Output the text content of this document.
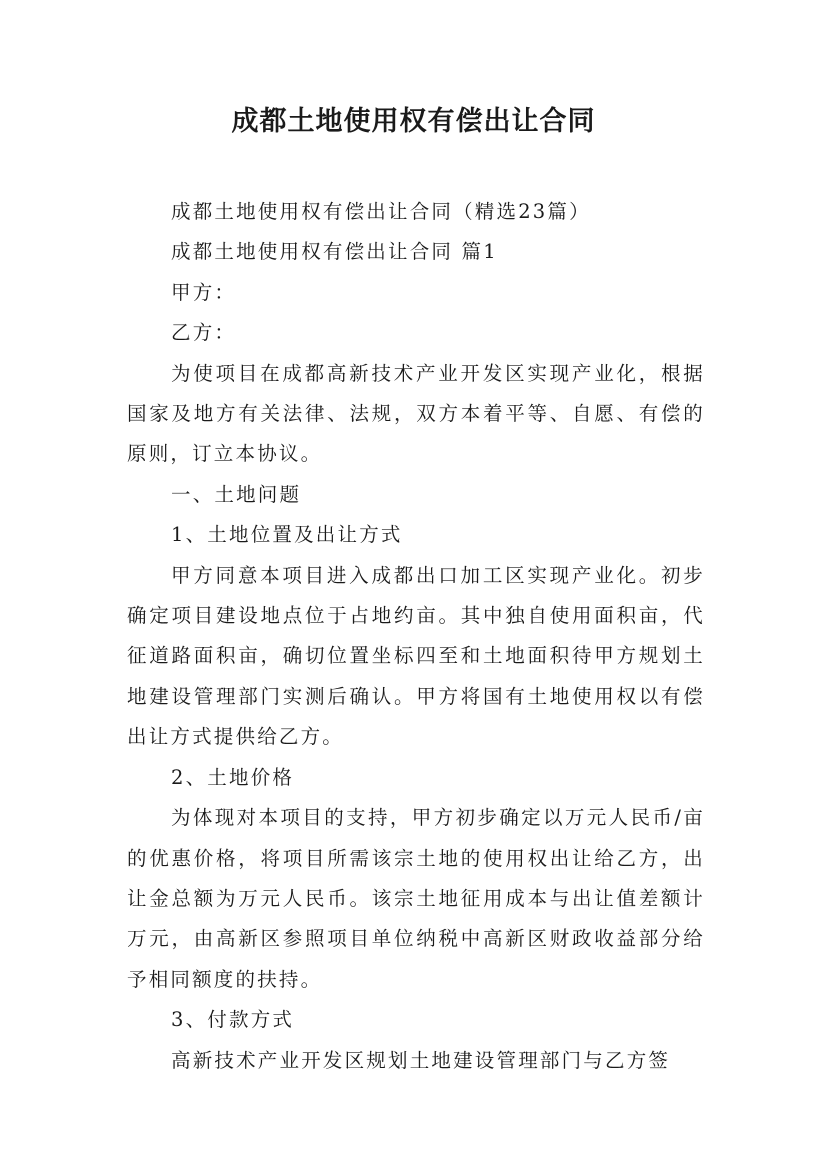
成都土地使用权有偿出让合同

成都土地使用权有偿出让合同（精选23篇）

成都土地使用权有偿出让合同 篇1

甲方：

乙方：

为使项目在成都高新技术产业开发区实现产业化，根据国家及地方有关法律、法规，双方本着平等、自愿、有偿的原则，订立本协议。

一、土地问题

1、土地位置及出让方式

甲方同意本项目进入成都出口加工区实现产业化。初步确定项目建设地点位于占地约亩。其中独自使用面积亩，代征道路面积亩，确切位置坐标四至和土地面积待甲方规划土地建设管理部门实测后确认。甲方将国有土地使用权以有偿出让方式提供给乙方。

2、土地价格

为体现对本项目的支持，甲方初步确定以万元人民币/亩的优惠价格，将项目所需该宗土地的使用权出让给乙方，出让金总额为万元人民币。该宗土地征用成本与出让值差额计万元，由高新区参照项目单位纳税中高新区财政收益部分给予相同额度的扶持。

3、付款方式

高新技术产业开发区规划土地建设管理部门与乙方签
